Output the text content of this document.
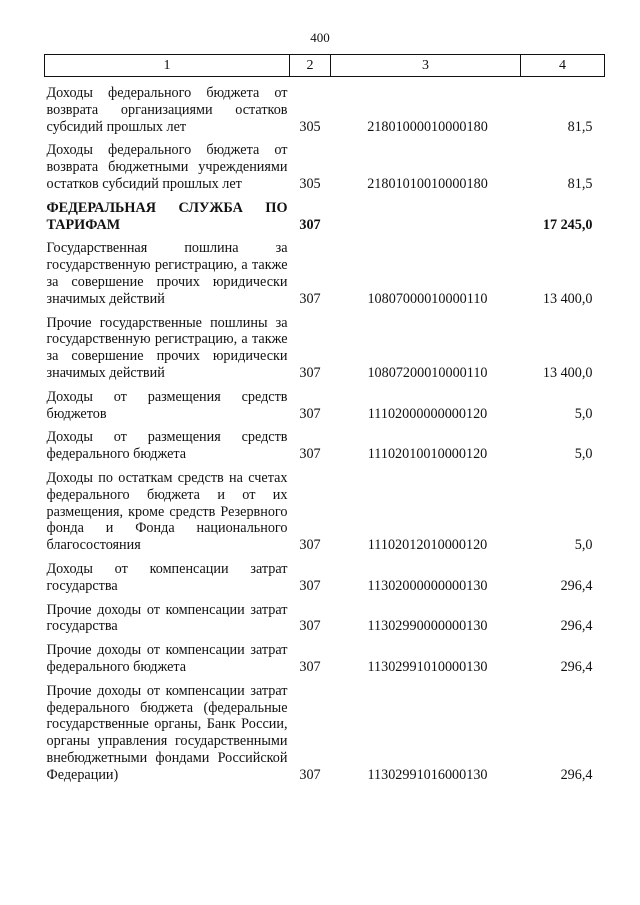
400
1	2	3	4
Доходы федерального бюджета от возврата организациями остатков субсидий прошлых лет	305	21801000010000180	81,5
Доходы федерального бюджета от возврата бюджетными учреждениями остатков субсидий прошлых лет	305	21801010010000180	81,5
ФЕДЕРАЛЬНАЯ СЛУЖБА ПО ТАРИФАМ	307		17 245,0
Государственная пошлина за государственную регистрацию, а также за совершение прочих юридически значимых действий	307	10807000010000110	13 400,0
Прочие государственные пошлины за государственную регистрацию, а также за совершение прочих юридически значимых действий	307	10807200010000110	13 400,0
Доходы от размещения средств бюджетов	307	11102000000000120	5,0
Доходы от размещения средств федерального бюджета	307	11102010010000120	5,0
Доходы по остаткам средств на счетах федерального бюджета и от их размещения, кроме средств Резервного фонда и Фонда национального благосостояния	307	11102012010000120	5,0
Доходы от компенсации затрат государства	307	11302000000000130	296,4
Прочие доходы от компенсации затрат государства	307	11302990000000130	296,4
Прочие доходы от компенсации затрат федерального бюджета	307	11302991010000130	296,4
Прочие доходы от компенсации затрат федерального бюджета (федеральные государственные органы, Банк России, органы управления государственными внебюджетными фондами Российской Федерации)	307	11302991016000130	296,4
